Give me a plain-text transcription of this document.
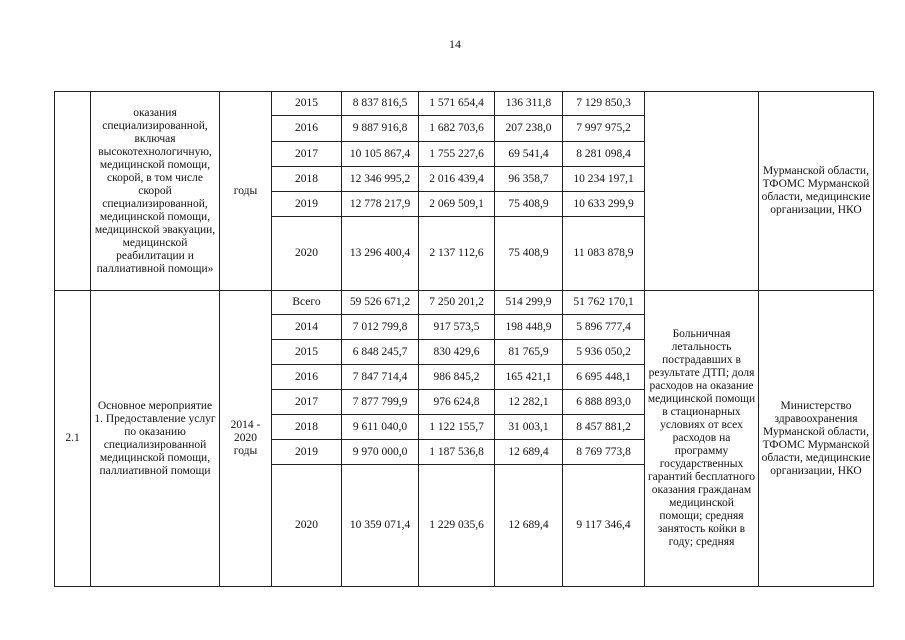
14
	оказания специализированной, включая высокотехнологичную, медицинской помощи, скорой, в том числе скорой специализированной, медицинской помощи, медицинской эвакуации, медицинской реабилитации и паллиативной помощи»	годы	2015	8 837 816,5	1 571 654,4	136 311,8	7 129 850,3		Мурманской области, ТФОМС Мурманской области, медицинские организации, НКО
			2016	9 887 916,8	1 682 703,6	207 238,0	7 997 975,2		
			2017	10 105 867,4	1 755 227,6	69 541,4	8 281 098,4		
			2018	12 346 995,2	2 016 439,4	96 358,7	10 234 197,1		
			2019	12 778 217,9	2 069 509,1	75 408,9	10 633 299,9		
			2020	13 296 400,4	2 137 112,6	75 408,9	11 083 878,9		
2.1	Основное мероприятие 1. Предоставление услуг по оказанию специализированной медицинской помощи, паллиативной помощи	2014 - 2020 годы	Всего	59 526 671,2	7 250 201,2	514 299,9	51 762 170,1	Больничная летальность пострадавших в результате ДТП; доля расходов на оказание медицинской помощи в стационарных условиях от всех расходов на программу государственных гарантий бесплатного оказания гражданам медицинской помощи; средняя занятость койки в году; средняя	Министерство здравоохранения Мурманской области, ТФОМС Мурманской области, медицинские организации, НКО
			2014	7 012 799,8	917 573,5	198 448,9	5 896 777,4		
			2015	6 848 245,7	830 429,6	81 765,9	5 936 050,2		
			2016	7 847 714,4	986 845,2	165 421,1	6 695 448,1		
			2017	7 877 799,9	976 624,8	12 282,1	6 888 893,0		
			2018	9 611 040,0	1 122 155,7	31 003,1	8 457 881,2		
			2019	9 970 000,0	1 187 536,8	12 689,4	8 769 773,8		
			2020	10 359 071,4	1 229 035,6	12 689,4	9 117 346,4		
